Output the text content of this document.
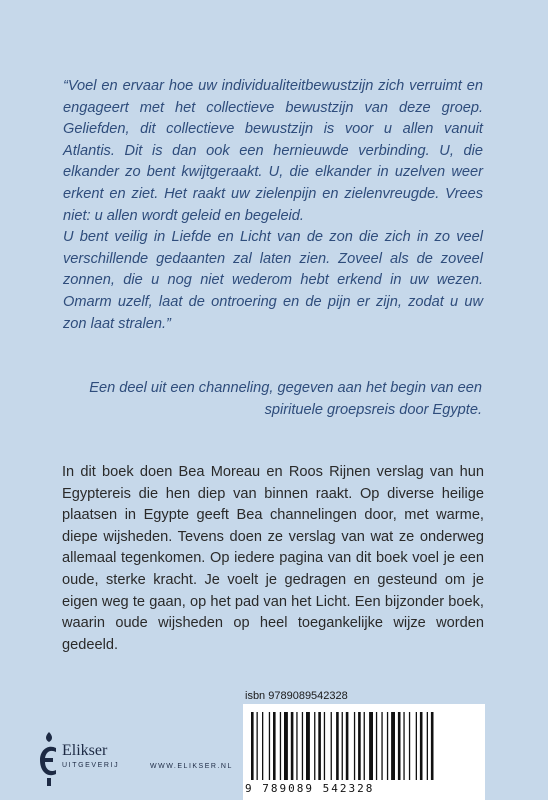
“Voel en ervaar hoe uw individualiteitbewustzijn zich verruimt en engageert met het collectieve bewustzijn van deze groep. Geliefden, dit collectieve bewustzijn is voor u allen vanuit Atlantis. Dit is dan ook een hernieuwde verbinding. U, die elkander zo bent kwijtgeraakt. U, die elkander in uzelven weer erkent en ziet. Het raakt uw zielenpijn en zielenvreugde. Vrees niet: u allen wordt geleid en begeleid.

U bent veilig in Liefde en Licht van de zon die zich in zo veel verschillende gedaanten zal laten zien. Zoveel als de zoveel zonnen, die u nog niet wederom hebt erkend in uw wezen. Omarm uzelf, laat de ontroering en de pijn er zijn, zodat u uw zon laat stralen.”

Een deel uit een channeling, gegeven aan het begin van een
spirituele groepsreis door Egypte.
In dit boek doen Bea Moreau en Roos Rijnen verslag van hun Egyptereis die hen diep van binnen raakt. Op diverse heilige plaatsen in Egypte geeft Bea channelingen door, met warme, diepe wijsheden. Tevens doen ze verslag van wat ze onderweg allemaal tegenkomen. Op iedere pagina van dit boek voel je een oude, sterke kracht. Je voelt je gedragen en gesteund om je eigen weg te gaan, op het pad van het Licht. Een bijzonder boek, waarin oude wijsheden op heel toegankelijke wijze worden gedeeld.
isbn 9789089542328
9 789089 542328
Elikser
UITGEVERIJ	WWW.ELIKSER.NL
